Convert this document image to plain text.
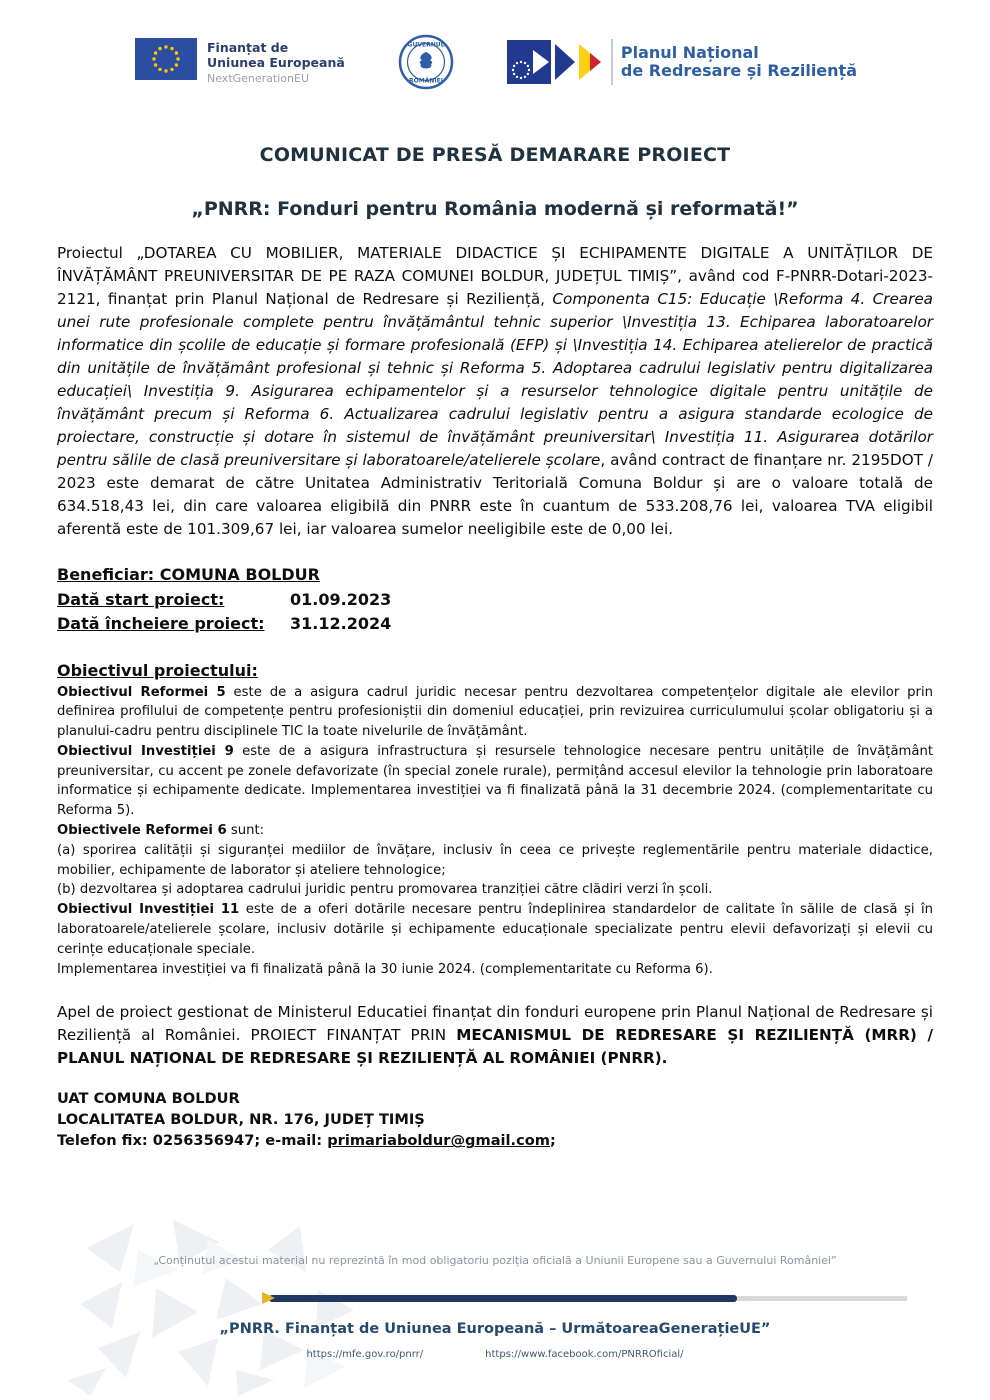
Finanțat de
Uniunea Europeană
NextGenerationEU
GUVERNUL
ROMÂNIEI
Planul Național
de Redresare și Reziliență
COMUNICAT DE PRESĂ DEMARARE PROIECT
„PNRR: Fonduri pentru România modernă și reformată!”

Proiectul „DOTAREA CU MOBILIER, MATERIALE DIDACTICE ȘI ECHIPAMENTE DIGITALE A UNITĂȚILOR DE ÎNVĂȚĂMÂNT PREUNIVERSITAR DE PE RAZA COMUNEI BOLDUR, JUDEȚUL TIMIȘ”, având cod F-PNRR-Dotari-2023-2121, finanțat prin Planul Național de Redresare și Reziliență, Componenta C15: Educație \Reforma 4. Crearea unei rute profesionale complete pentru învățământul tehnic superior \Investiția 13. Echiparea laboratoarelor informatice din școlile de educație și formare profesională (EFP) și \Investiția 14. Echiparea atelierelor de practică din unitățile de învățământ profesional și tehnic și Reforma 5. Adoptarea cadrului legislativ pentru digitalizarea educației\ Investiția 9. Asigurarea echipamentelor și a resurselor tehnologice digitale pentru unitățile de învățământ precum și Reforma 6. Actualizarea cadrului legislativ pentru a asigura standarde ecologice de proiectare, construcție și dotare în sistemul de învățământ preuniversitar\ Investiția 11. Asigurarea dotărilor pentru sălile de clasă preuniversitare și laboratoarele/atelierele școlare, având contract de finanțare nr. 2195DOT / 2023 este demarat de către Unitatea Administrativ Teritorială Comuna Boldur și are o valoare totală de 634.518,43 lei, din care valoarea eligibilă din PNRR este în cuantum de 533.208,76 lei, valoarea TVA eligibil aferentă este de 101.309,67 lei, iar valoarea sumelor neeligibile este de 0,00 lei.

Beneficiar: COMUNA BOLDUR
Dată start proiect:	01.09.2023
Dată încheiere proiect: 31.12.2024
Obiectivul proiectului:

Obiectivul Reformei 5 este de a asigura cadrul juridic necesar pentru dezvoltarea competențelor digitale ale elevilor prin definirea profilului de competențe pentru profesioniștii din domeniul educației, prin revizuirea curriculumului școlar obligatoriu și a planului-cadru pentru disciplinele TIC la toate nivelurile de învățământ.

Obiectivul Investiției 9 este de a asigura infrastructura și resursele tehnologice necesare pentru unitățile de învățământ preuniversitar, cu accent pe zonele defavorizate (în special zonele rurale), permițând accesul elevilor la tehnologie prin laboratoare informatice și echipamente dedicate. Implementarea investiției va fi finalizată până la 31 decembrie 2024. (complementaritate cu Reforma 5).

Obiectivele Reformei 6 sunt:

(a) sporirea calității și siguranței mediilor de învățare, inclusiv în ceea ce privește reglementările pentru materiale didactice, mobilier, echipamente de laborator și ateliere tehnologice;

(b) dezvoltarea și adoptarea cadrului juridic pentru promovarea tranziției către clădiri verzi în școli.

Obiectivul Investiției 11 este de a oferi dotările necesare pentru îndeplinirea standardelor de calitate în sălile de clasă și în laboratoarele/atelierele școlare, inclusiv dotările și echipamente educaționale specializate pentru elevii defavorizați și elevii cu cerințe educaționale speciale.

Implementarea investiției va fi finalizată până la 30 iunie 2024. (complementaritate cu Reforma 6).

Apel de proiect gestionat de Ministerul Educatiei finanțat din fonduri europene prin Planul Național de Redresare și Reziliență al României. PROIECT FINANȚAT PRIN MECANISMUL DE REDRESARE ȘI REZILIENȚĂ (MRR) / PLANUL NAȚIONAL DE REDRESARE ȘI REZILIENȚĂ AL ROMÂNIEI (PNRR).

UAT COMUNA BOLDUR
LOCALITATEA BOLDUR, NR. 176, JUDEȚ TIMIȘ
Telefon fix: 0256356947; e-mail: primariaboldur@gmail.com;

„Conținutul acestui material nu reprezintă în mod obligatoriu poziția oficială a Uniunii Europene sau a Guvernului României”

„PNRR. Finanțat de Uniunea Europeană – UrmătoareaGenerațieUE”

https://mfe.gov.ro/pnrr/	https://www.facebook.com/PNRROficial/
